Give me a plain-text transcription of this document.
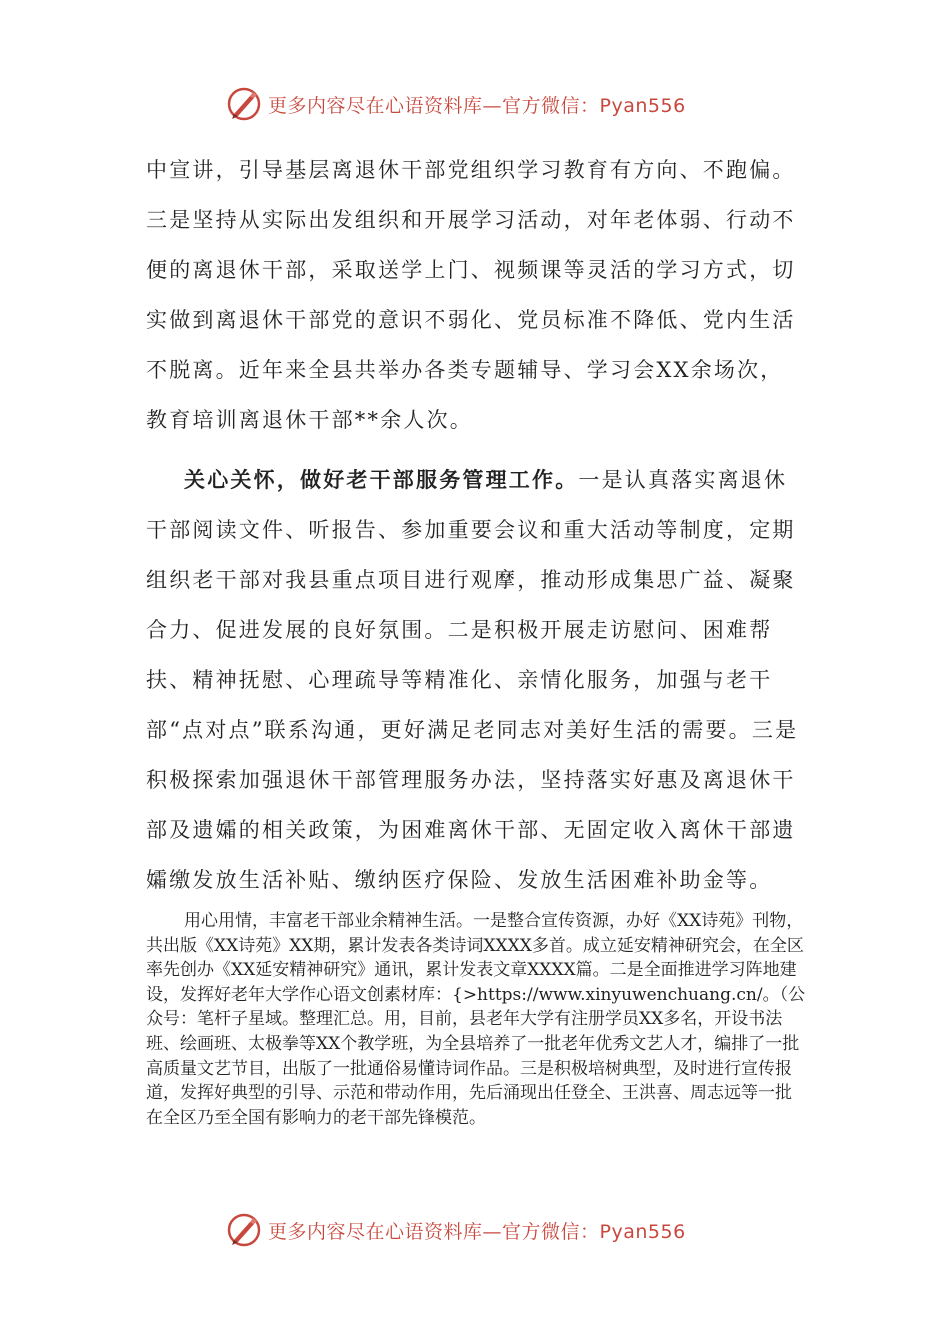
更多内容尽在心语资料库—官方微信：Pyan556

中宣讲，引导基层离退休干部党组织学习教育有方向、不跑偏。三是坚持从实际出发组织和开展学习活动，对年老体弱、行动不便的离退休干部，采取送学上门、视频课等灵活的学习方式，切实做到离退休干部党的意识不弱化、党员标准不降低、党内生活不脱离。近年来全县共举办各类专题辅导、学习会XX余场次，教育培训离退休干部**余人次。

关心关怀，做好老干部服务管理工作。一是认真落实离退休干部阅读文件、听报告、参加重要会议和重大活动等制度，定期组织老干部对我县重点项目进行观摩，推动形成集思广益、凝聚合力、促进发展的良好氛围。二是积极开展走访慰问、困难帮扶、精神抚慰、心理疏导等精准化、亲情化服务，加强与老干部“点对点”联系沟通，更好满足老同志对美好生活的需要。三是积极探索加强退休干部管理服务办法，坚持落实好惠及离退休干部及遗孀的相关政策，为困难离休干部、无固定收入离休干部遗孀缴发放生活补贴、缴纳医疗保险、发放生活困难补助金等。

用心用情，丰富老干部业余精神生活。一是整合宣传资源，办好《XX诗苑》刊物，共出版《XX诗苑》XX期，累计发表各类诗词XXXX多首。成立延安精神研究会，在全区率先创办《XX延安精神研究》通讯，累计发表文章XXXX篇。二是全面推进学习阵地建设，发挥好老年大学作心语文创素材库：{>https://www.xinyuwenchuang.cn/。（公众号：笔杆子星域。整理汇总。用，目前，县老年大学有注册学员XX多名，开设书法班、绘画班、太极拳等XX个教学班，为全县培养了一批老年优秀文艺人才，编排了一批高质量文艺节目，出版了一批通俗易懂诗词作品。三是积极培树典型，及时进行宣传报道，发挥好典型的引导、示范和带动作用，先后涌现出任登全、王洪喜、周志远等一批在全区乃至全国有影响力的老干部先锋模范。

更多内容尽在心语资料库—官方微信：Pyan556
